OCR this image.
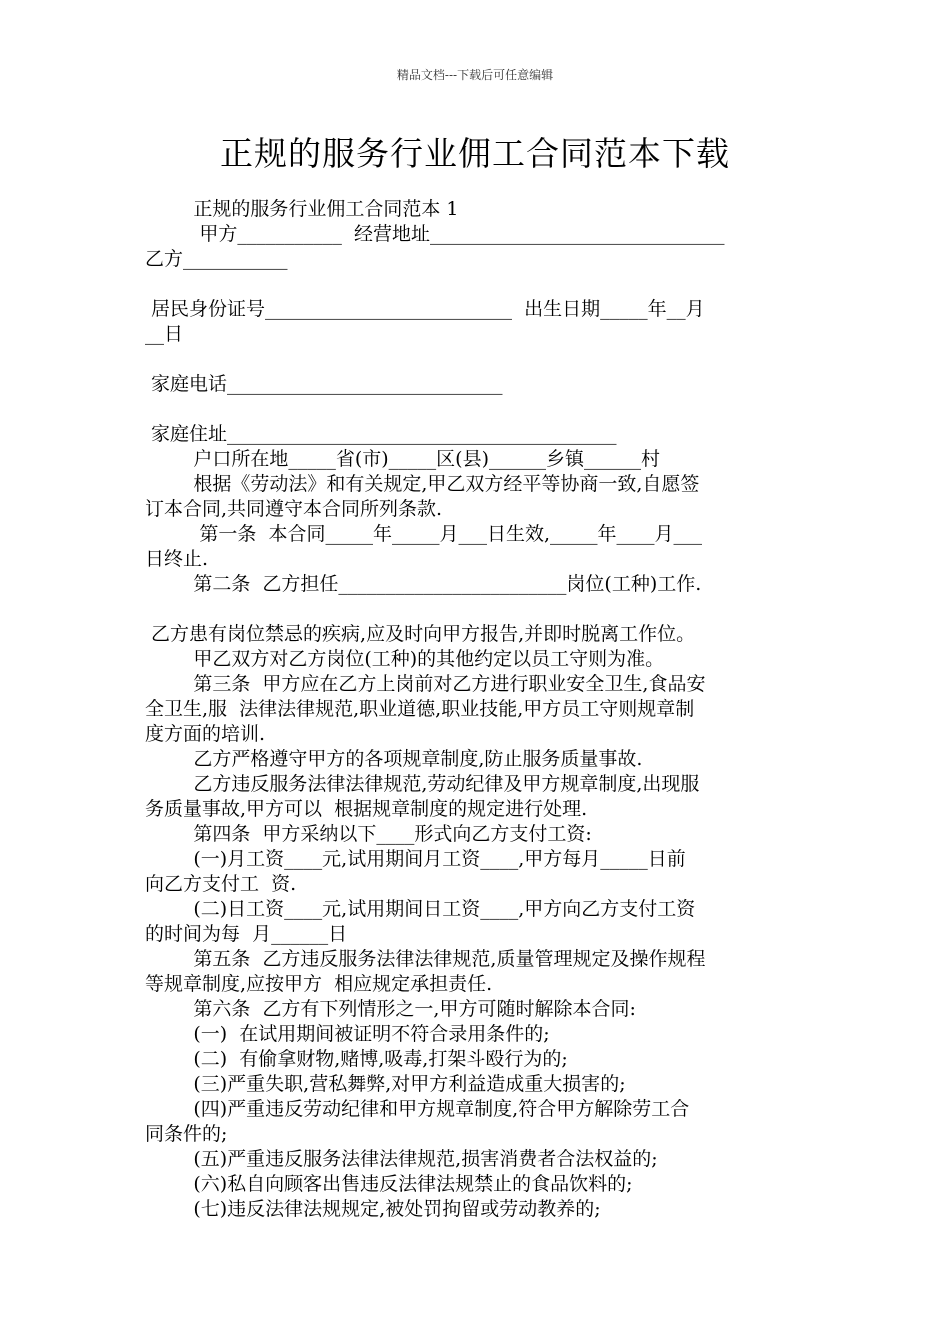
精品文档---下载后可任意编辑
正规的服务行业佣工合同范本下载
正规的服务行业佣工合同范本 1
甲方___________  经营地址_______________________________
乙方___________
居民身份证号__________________________  出生日期_____年__月
__日
家庭电话_____________________________
家庭住址_________________________________________
户口所在地_____省(市)_____区(县)______乡镇______村
根据《劳动法》和有关规定,甲乙双方经平等协商一致,自愿签
订本合同,共同遵守本合同所列条款.
第一条  本合同_____年_____月___日生效,_____年____月___
日终止.
第二条  乙方担任________________________岗位(工种)工作.
乙方患有岗位禁忌的疾病,应及时向甲方报告,并即时脱离工作位。
甲乙双方对乙方岗位(工种)的其他约定以员工守则为准。
第三条  甲方应在乙方上岗前对乙方进行职业安全卫生,食品安
全卫生,服  法律法律规范,职业道德,职业技能,甲方员工守则规章制
度方面的培训.
乙方严格遵守甲方的各项规章制度,防止服务质量事故.
乙方违反服务法律法律规范,劳动纪律及甲方规章制度,出现服
务质量事故,甲方可以  根据规章制度的规定进行处理.
第四条  甲方采纳以下____形式向乙方支付工资:
(一)月工资____元,试用期间月工资____,甲方每月_____日前
向乙方支付工  资.
(二)日工资____元,试用期间日工资____,甲方向乙方支付工资
的时间为每  月______日
第五条  乙方违反服务法律法律规范,质量管理规定及操作规程
等规章制度,应按甲方  相应规定承担责任.
第六条  乙方有下列情形之一,甲方可随时解除本合同:
(一)  在试用期间被证明不符合录用条件的;
(二)  有偷拿财物,赌博,吸毒,打架斗殴行为的;
(三)严重失职,营私舞弊,对甲方利益造成重大损害的;
(四)严重违反劳动纪律和甲方规章制度,符合甲方解除劳工合
同条件的;
(五)严重违反服务法律法律规范,损害消费者合法权益的;
(六)私自向顾客出售违反法律法规禁止的食品饮料的;
(七)违反法律法规规定,被处罚拘留或劳动教养的;
